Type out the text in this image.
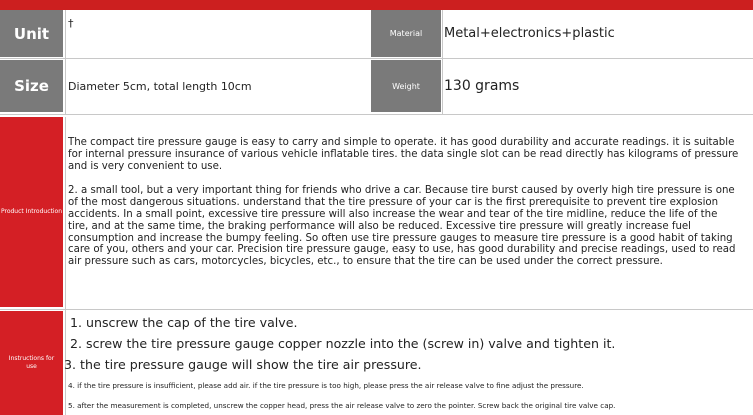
Unit
†
Material Metal+electronics+plastic
Size Diameter 5cm, total length 10cm	Weight 130 grams
Product Introduction

The compact tire pressure gauge is easy to carry and simple to operate. it has good durability and accurate readings. it is suitable for internal pressure insurance of various vehicle inflatable tires. the data single slot can be read directly has kilograms of pressure and is very convenient to use.

2. a small tool, but a very important thing for friends who drive a car. Because tire burst caused by overly high tire pressure is one of the most dangerous situations. understand that the tire pressure of your car is the first prerequisite to prevent tire explosion accidents. In a small point, excessive tire pressure will also increase the wear and tear of the tire midline, reduce the life of the tire, and at the same time, the braking performance will also be reduced. Excessive tire pressure will greatly increase fuel consumption and increase the bumpy feeling. So often use tire pressure gauges to measure tire pressure is a good habit of taking care of you, others and your car. Precision tire pressure gauge, easy to use, has good durability and precise readings, used to read air pressure such as cars, motorcycles, bicycles, etc., to ensure that the tire can be used under the correct pressure.

Instructions for use
1. unscrew the cap of the tire valve.
2. screw the tire pressure gauge copper nozzle into the (screw in) valve and tighten it.
3. the tire pressure gauge will show the tire air pressure.
4. if the tire pressure is insufficient, please add air. if the tire pressure is too high, please press the air release valve to fine adjust the pressure.
5. after the measurement is completed, unscrew the copper head, press the air release valve to zero the pointer. Screw back the original tire valve cap.
